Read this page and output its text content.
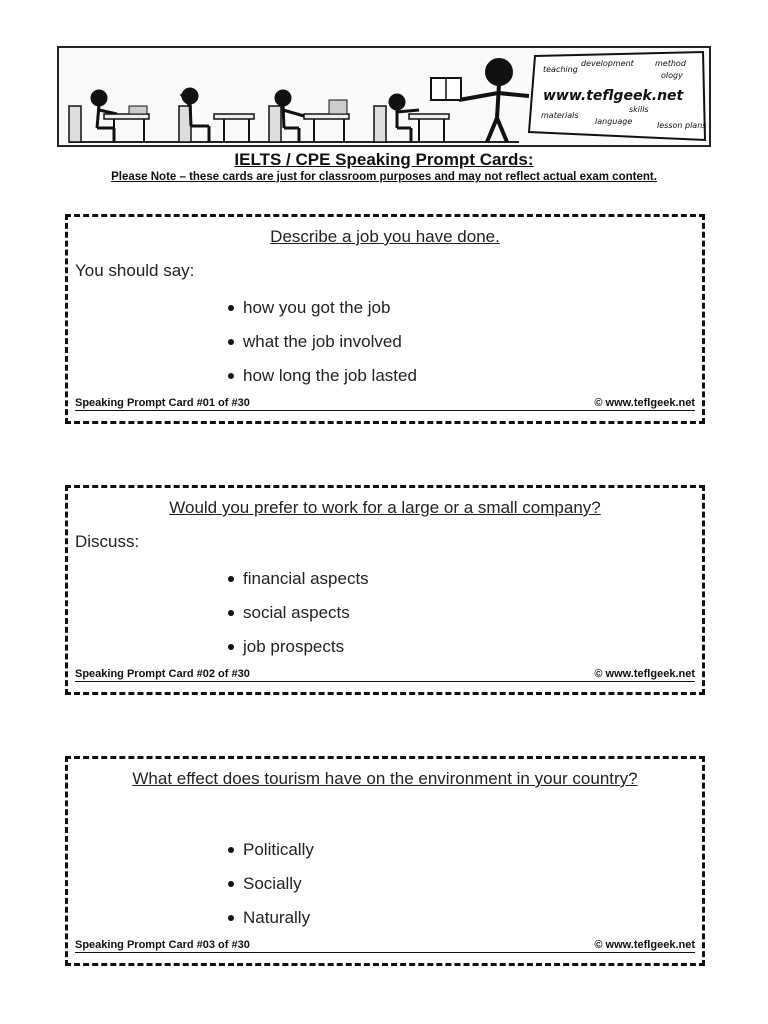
teaching
development	method
ology
www.teflgeek.net
materials
skills
language	lesson plans

IELTS / CPE Speaking Prompt Cards:

Please Note – these cards are just for classroom purposes and may not reflect actual exam content.

Describe a job you have done.
You should say:
how you got the job
what the job involved
how long the job lasted
Speaking Prompt Card #01 of #30	© www.teflgeek.net
Would you prefer to work for a large or a small company?
Discuss:
financial aspects
social aspects
job prospects
Speaking Prompt Card #02 of #30	© www.teflgeek.net
What effect does tourism have on the environment in your country?
Politically
Socially
Naturally
Speaking Prompt Card #03 of #30	© www.teflgeek.net
